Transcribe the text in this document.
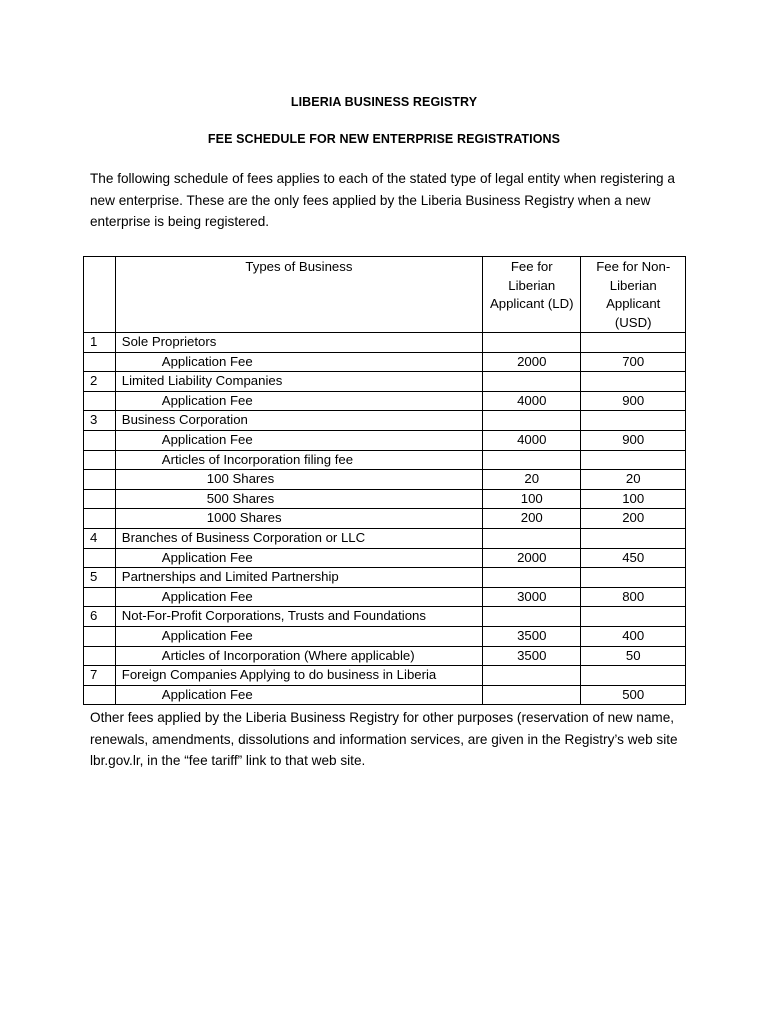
LIBERIA BUSINESS REGISTRY
FEE SCHEDULE FOR NEW ENTERPRISE REGISTRATIONS
The following schedule of fees applies to each of the stated type of legal entity when registering a new enterprise. These are the only fees applied by the Liberia Business Registry when a new enterprise is being registered.
	Types of Business	Fee for Liberian Applicant (LD)	Fee for Non-Liberian Applicant (USD)
1	Sole Proprietors		
	Application Fee	2000	700
2	Limited Liability Companies		
	Application Fee	4000	900
3	Business Corporation		
	Application Fee	4000	900
	Articles of Incorporation filing fee		
	100 Shares	20	20
	500 Shares	100	100
	1000 Shares	200	200
4	Branches of Business Corporation or LLC		
	Application Fee	2000	450
5	Partnerships and Limited Partnership		
	Application Fee	3000	800
6	Not-For-Profit Corporations, Trusts and Foundations		
	Application Fee	3500	400
	Articles of Incorporation (Where applicable)	3500	50
7	Foreign Companies Applying to do business in Liberia		
	Application Fee		500
Other fees applied by the Liberia Business Registry for other purposes (reservation of new name, renewals, amendments, dissolutions and information services, are given in the Registry’s web site lbr.gov.lr, in the “fee tariff” link to that web site.
